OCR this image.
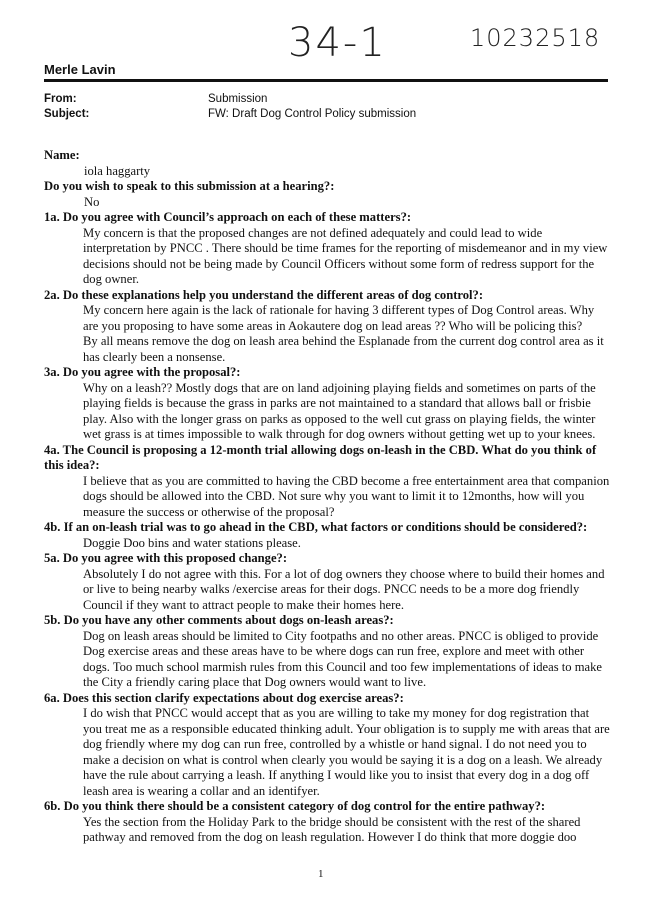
34-1	10232518
Merle Lavin
From:	Submission
Subject:	FW: Draft Dog Control Policy submission
Name:
iola haggarty
Do you wish to speak to this submission at a hearing?:
No
1a. Do you agree with Council’s approach on each of these matters?:
My concern is that the proposed changes are not defined adequately and could lead to wide interpretation by PNCC . There should be time frames for the reporting of misdemeanor and in my view decisions should not be being made by Council Officers without some form of redress support for the dog owner.
2a. Do these explanations help you understand the different areas of dog control?:
My concern here again is the lack of rationale for having 3 different types of Dog Control areas. Why are you proposing to have some areas in Aokautere dog on lead areas ?? Who will be policing this?
By all means remove the dog on leash area behind the Esplanade from the current dog control area as it has clearly been a nonsense.
3a. Do you agree with the proposal?:
Why on a leash?? Mostly dogs that are on land adjoining playing fields and sometimes on parts of the playing fields is because the grass in parks are not maintained to a standard that allows ball or frisbie play. Also with the longer grass on parks as opposed to the well cut grass on playing fields, the winter wet grass is at times impossible to walk through for dog owners without getting wet up to your knees.
4a. The Council is proposing a 12-month trial allowing dogs on-leash in the CBD. What do you think of this idea?:
I believe that as you are committed to having the CBD become a free entertainment area that companion dogs should be allowed into the CBD. Not sure why you want to limit it to 12months, how will you measure the success or otherwise of the proposal?
4b. If an on-leash trial was to go ahead in the CBD, what factors or conditions should be considered?:
Doggie Doo bins and water stations please.
5a. Do you agree with this proposed change?:
Absolutely I do not agree with this. For a lot of dog owners they choose where to build their homes and or live to being nearby walks /exercise areas for their dogs. PNCC needs to be a more dog friendly Council if they want to attract people to make their homes here.
5b. Do you have any other comments about dogs on-leash areas?:
Dog on leash areas should be limited to City footpaths and no other areas. PNCC is obliged to provide Dog exercise areas and these areas have to be where dogs can run free, explore and meet with other dogs. Too much school marmish rules from this Council and too few implementations of ideas to make the City a friendly caring place that Dog owners would want to live.
6a. Does this section clarify expectations about dog exercise areas?:
I do wish that PNCC would accept that as you are willing to take my money for dog registration that you treat me as a responsible educated thinking adult. Your obligation is to supply me with areas that are dog friendly where my dog can run free, controlled by a whistle or hand signal. I do not need you to make a decision on what is control when clearly you would be saying it is a dog on a leash. We already have the rule about carrying a leash. If anything I would like you to insist that every dog in a dog off leash area is wearing a collar and an identifyer.
6b. Do you think there should be a consistent category of dog control for the entire pathway?:
Yes the section from the Holiday Park to the bridge should be consistent with the rest of the shared pathway and removed from the dog on leash regulation. However I do think that more doggie doo
1
